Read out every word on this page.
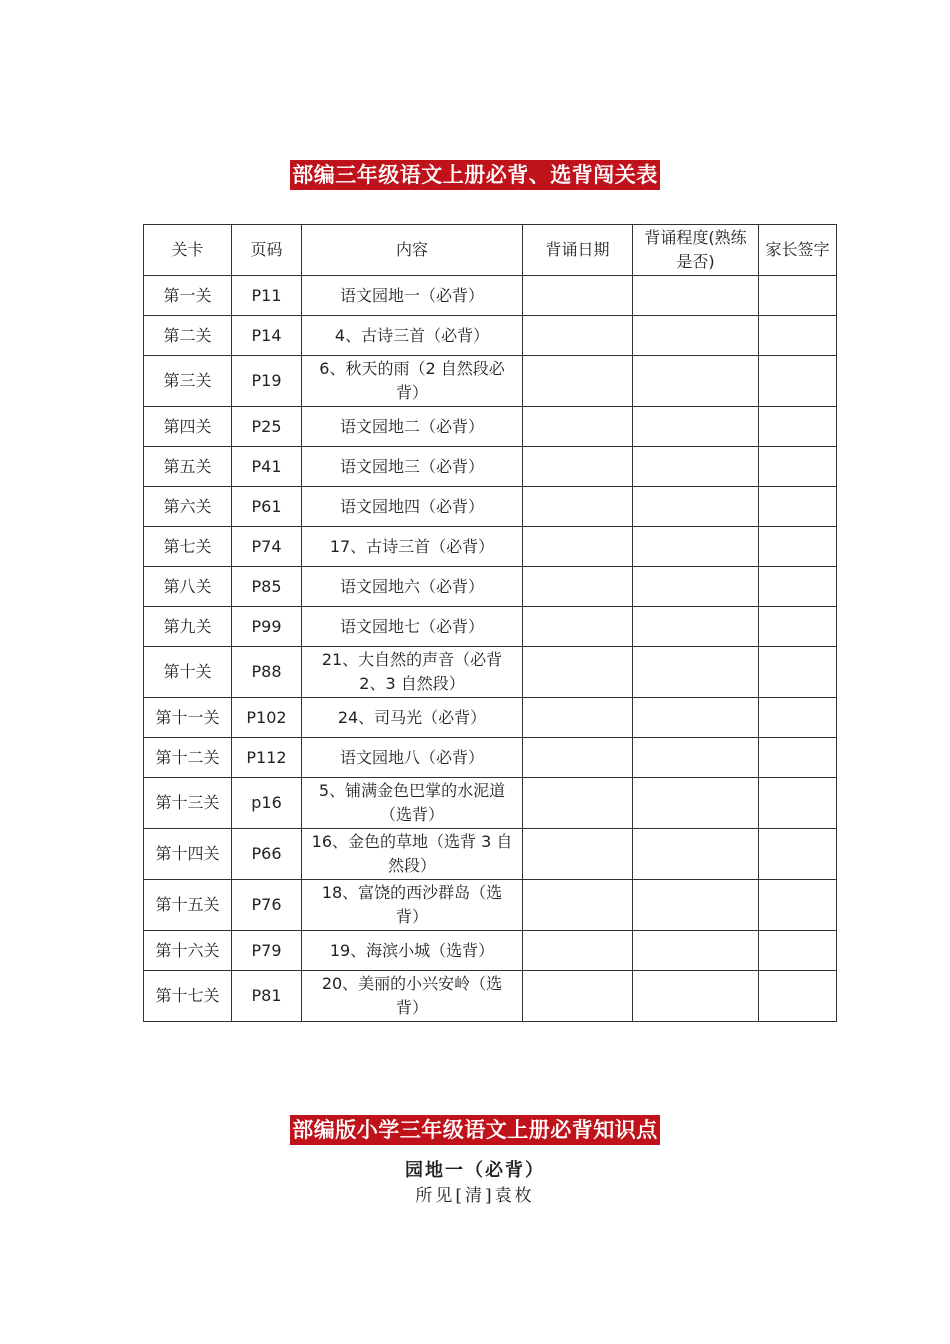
部编三年级语文上册必背、选背闯关表
关卡	页码	内容	背诵日期	背诵程度(熟练是否)	家长签字
第一关	P11	语文园地一（必背）			
第二关	P14	4、古诗三首（必背）			
第三关	P19	6、秋天的雨（2 自然段必背）			
第四关	P25	语文园地二（必背）			
第五关	P41	语文园地三（必背）			
第六关	P61	语文园地四（必背）			
第七关	P74	17、古诗三首（必背）			
第八关	P85	语文园地六（必背）			
第九关	P99	语文园地七（必背）			
第十关	P88	21、大自然的声音（必背 2、3 自然段）			
第十一关	P102	24、司马光（必背）			
第十二关	P112	语文园地八（必背）			
第十三关	p16	5、铺满金色巴掌的水泥道（选背）			
第十四关	P66	16、金色的草地（选背 3 自然段）			
第十五关	P76	18、富饶的西沙群岛（选背）			
第十六关	P79	19、海滨小城（选背）			
第十七关	P81	20、美丽的小兴安岭（选背）			
部编版小学三年级语文上册必背知识点
园地一（必背）
所见[清]袁枚
